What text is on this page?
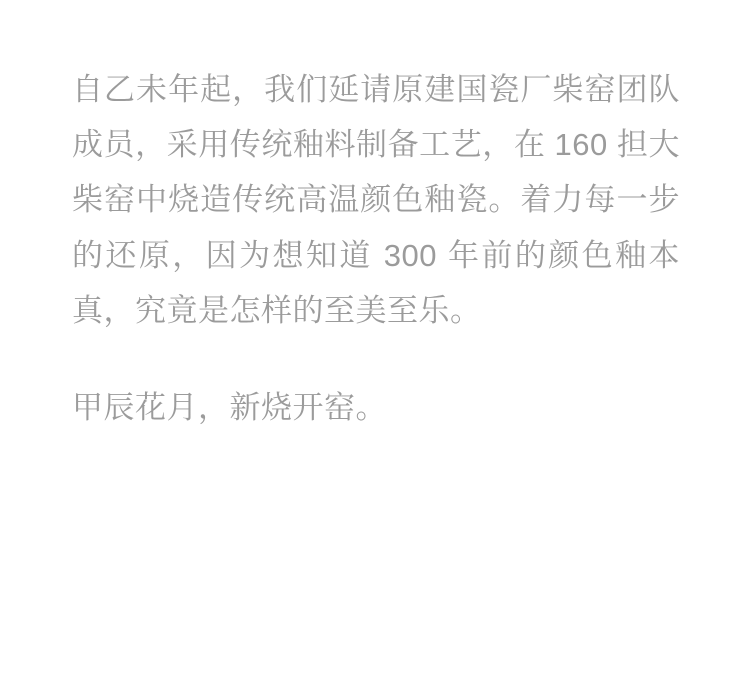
自乙未年起，我们延请原建国瓷厂柴窑团队成员，采用传统釉料制备工艺，在 160 担大柴窑中烧造传统高温颜色釉瓷。着力每一步的还原，因为想知道 300 年前的颜色釉本真，究竟是怎样的至美至乐。

甲辰花月，新烧开窑。
